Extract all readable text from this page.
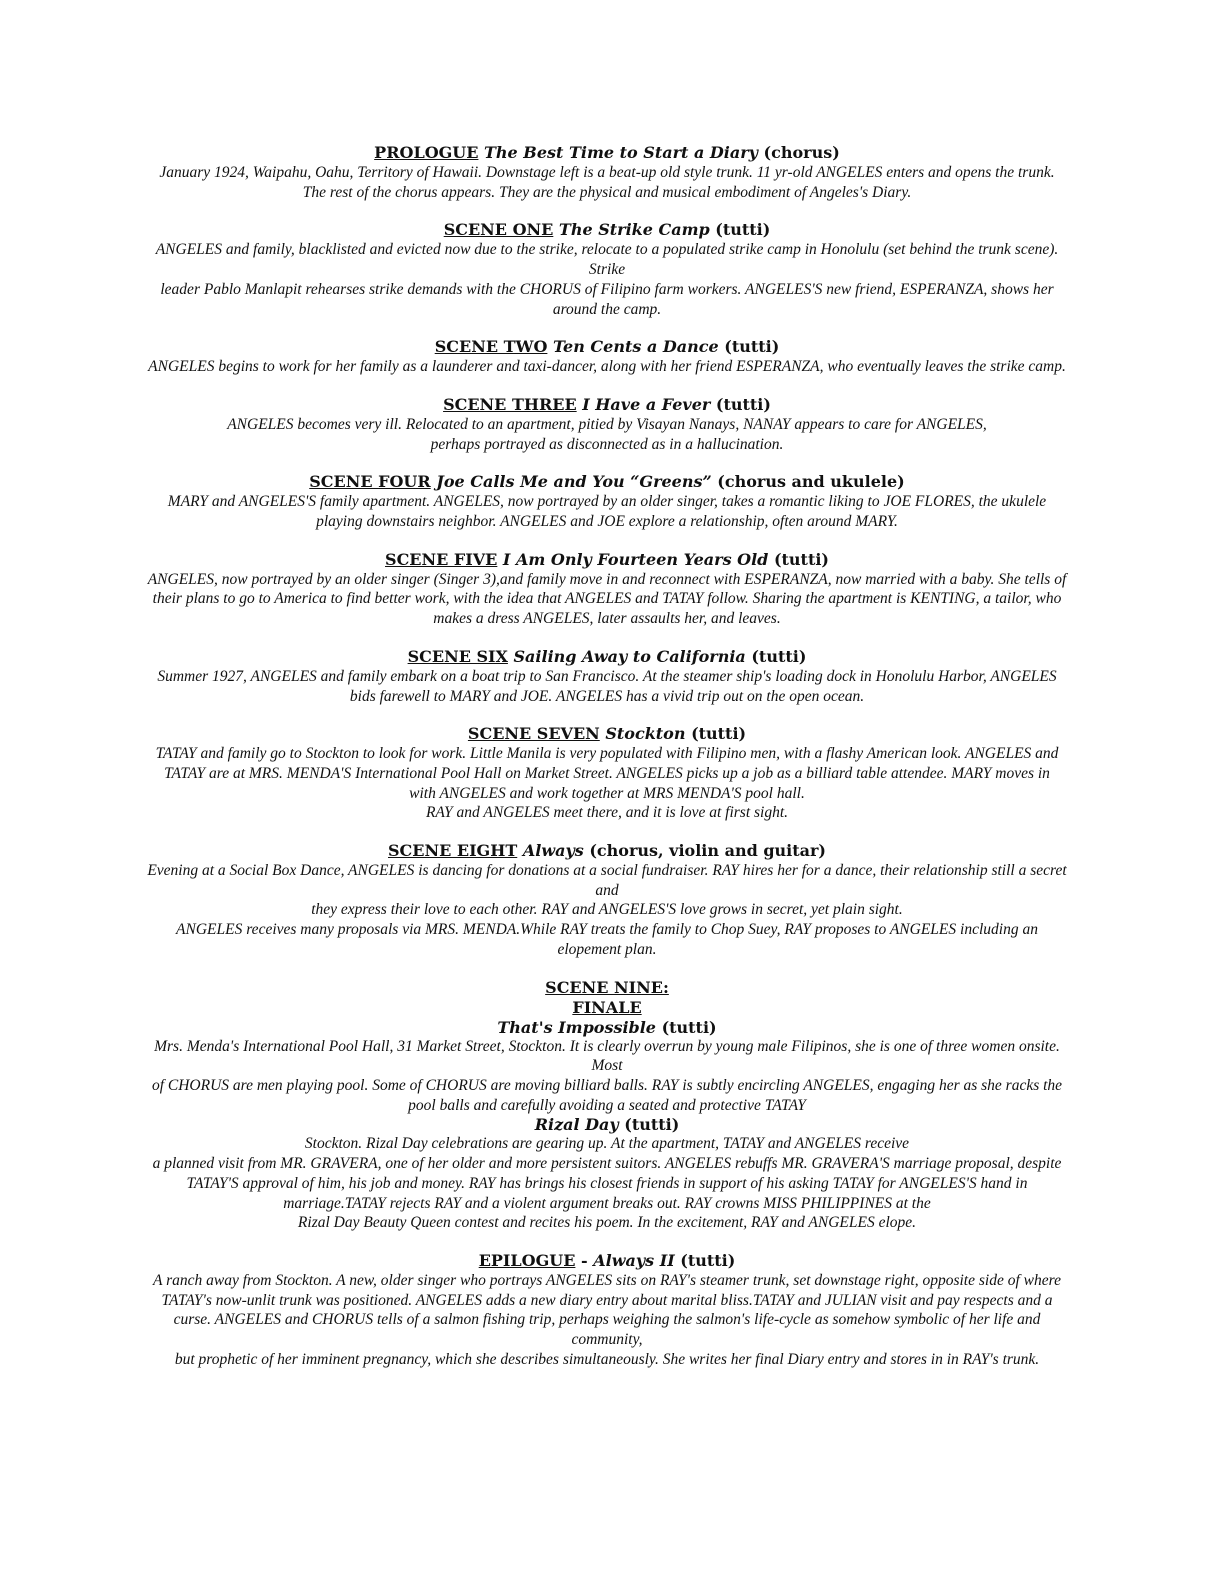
PROLOGUE The Best Time to Start a Diary (chorus)

January 1924, Waipahu, Oahu, Territory of Hawaii. Downstage left is a beat-up old style trunk. 11 yr-old ANGELES enters and opens the trunk.
The rest of the chorus appears. They are the physical and musical embodiment of Angeles's Diary.

SCENE ONE The Strike Camp (tutti)

ANGELES and family, blacklisted and evicted now due to the strike, relocate to a populated strike camp in Honolulu (set behind the trunk scene). Strike
leader Pablo Manlapit rehearses strike demands with the CHORUS of Filipino farm workers. ANGELES'S new friend, ESPERANZA, shows her
around the camp.

SCENE TWO Ten Cents a Dance (tutti)

ANGELES begins to work for her family as a launderer and taxi-dancer, along with her friend ESPERANZA, who eventually leaves the strike camp.

SCENE THREE I Have a Fever (tutti)

ANGELES becomes very ill. Relocated to an apartment, pitied by Visayan Nanays, NANAY appears to care for ANGELES,
perhaps portrayed as disconnected as in a hallucination.

SCENE FOUR Joe Calls Me and You “Greens” (chorus and ukulele)

MARY and ANGELES'S family apartment. ANGELES, now portrayed by an older singer, takes a romantic liking to JOE FLORES, the ukulele
playing downstairs neighbor. ANGELES and JOE explore a relationship, often around MARY.

SCENE FIVE I Am Only Fourteen Years Old (tutti)

ANGELES, now portrayed by an older singer (Singer 3),and family move in and reconnect with ESPERANZA, now married with a baby. She tells of
their plans to go to America to find better work, with the idea that ANGELES and TATAY follow. Sharing the apartment is KENTING, a tailor, who
makes a dress ANGELES, later assaults her, and leaves.

SCENE SIX Sailing Away to California (tutti)

Summer 1927, ANGELES and family embark on a boat trip to San Francisco. At the steamer ship's loading dock in Honolulu Harbor, ANGELES
bids farewell to MARY and JOE. ANGELES has a vivid trip out on the open ocean.

SCENE SEVEN Stockton (tutti)

TATAY and family go to Stockton to look for work. Little Manila is very populated with Filipino men, with a flashy American look. ANGELES and
TATAY are at MRS. MENDA'S International Pool Hall on Market Street. ANGELES picks up a job as a billiard table attendee. MARY moves in
with ANGELES and work together at MRS MENDA'S pool hall.
RAY and ANGELES meet there, and it is love at first sight.

SCENE EIGHT Always (chorus, violin and guitar)

Evening at a Social Box Dance, ANGELES is dancing for donations at a social fundraiser. RAY hires her for a dance, their relationship still a secret and
they express their love to each other. RAY and ANGELES'S love grows in secret, yet plain sight.
ANGELES receives many proposals via MRS. MENDA.While RAY treats the family to Chop Suey, RAY proposes to ANGELES including an
elopement plan.

SCENE NINE:
FINALE

That's Impossible (tutti)

Mrs. Menda's International Pool Hall, 31 Market Street, Stockton. It is clearly overrun by young male Filipinos, she is one of three women onsite. Most
of CHORUS are men playing pool. Some of CHORUS are moving billiard balls. RAY is subtly encircling ANGELES, engaging her as she racks the
pool balls and carefully avoiding a seated and protective TATAY

Rizal Day (tutti)

Stockton. Rizal Day celebrations are gearing up. At the apartment, TATAY and ANGELES receive
a planned visit from MR. GRAVERA, one of her older and more persistent suitors. ANGELES rebuffs MR. GRAVERA'S marriage proposal, despite
TATAY'S approval of him, his job and money. RAY has brings his closest friends in support of his asking TATAY for ANGELES'S hand in
marriage.TATAY rejects RAY and a violent argument breaks out. RAY crowns MISS PHILIPPINES at the
Rizal Day Beauty Queen contest and recites his poem. In the excitement, RAY and ANGELES elope.

EPILOGUE - Always II (tutti)

A ranch away from Stockton. A new, older singer who portrays ANGELES sits on RAY's steamer trunk, set downstage right, opposite side of where
TATAY's now-unlit trunk was positioned. ANGELES adds a new diary entry about marital bliss.TATAY and JULIAN visit and pay respects and a
curse. ANGELES and CHORUS tells of a salmon fishing trip, perhaps weighing the salmon's life-cycle as somehow symbolic of her life and community,
but prophetic of her imminent pregnancy, which she describes simultaneously. She writes her final Diary entry and stores in in RAY's trunk.
